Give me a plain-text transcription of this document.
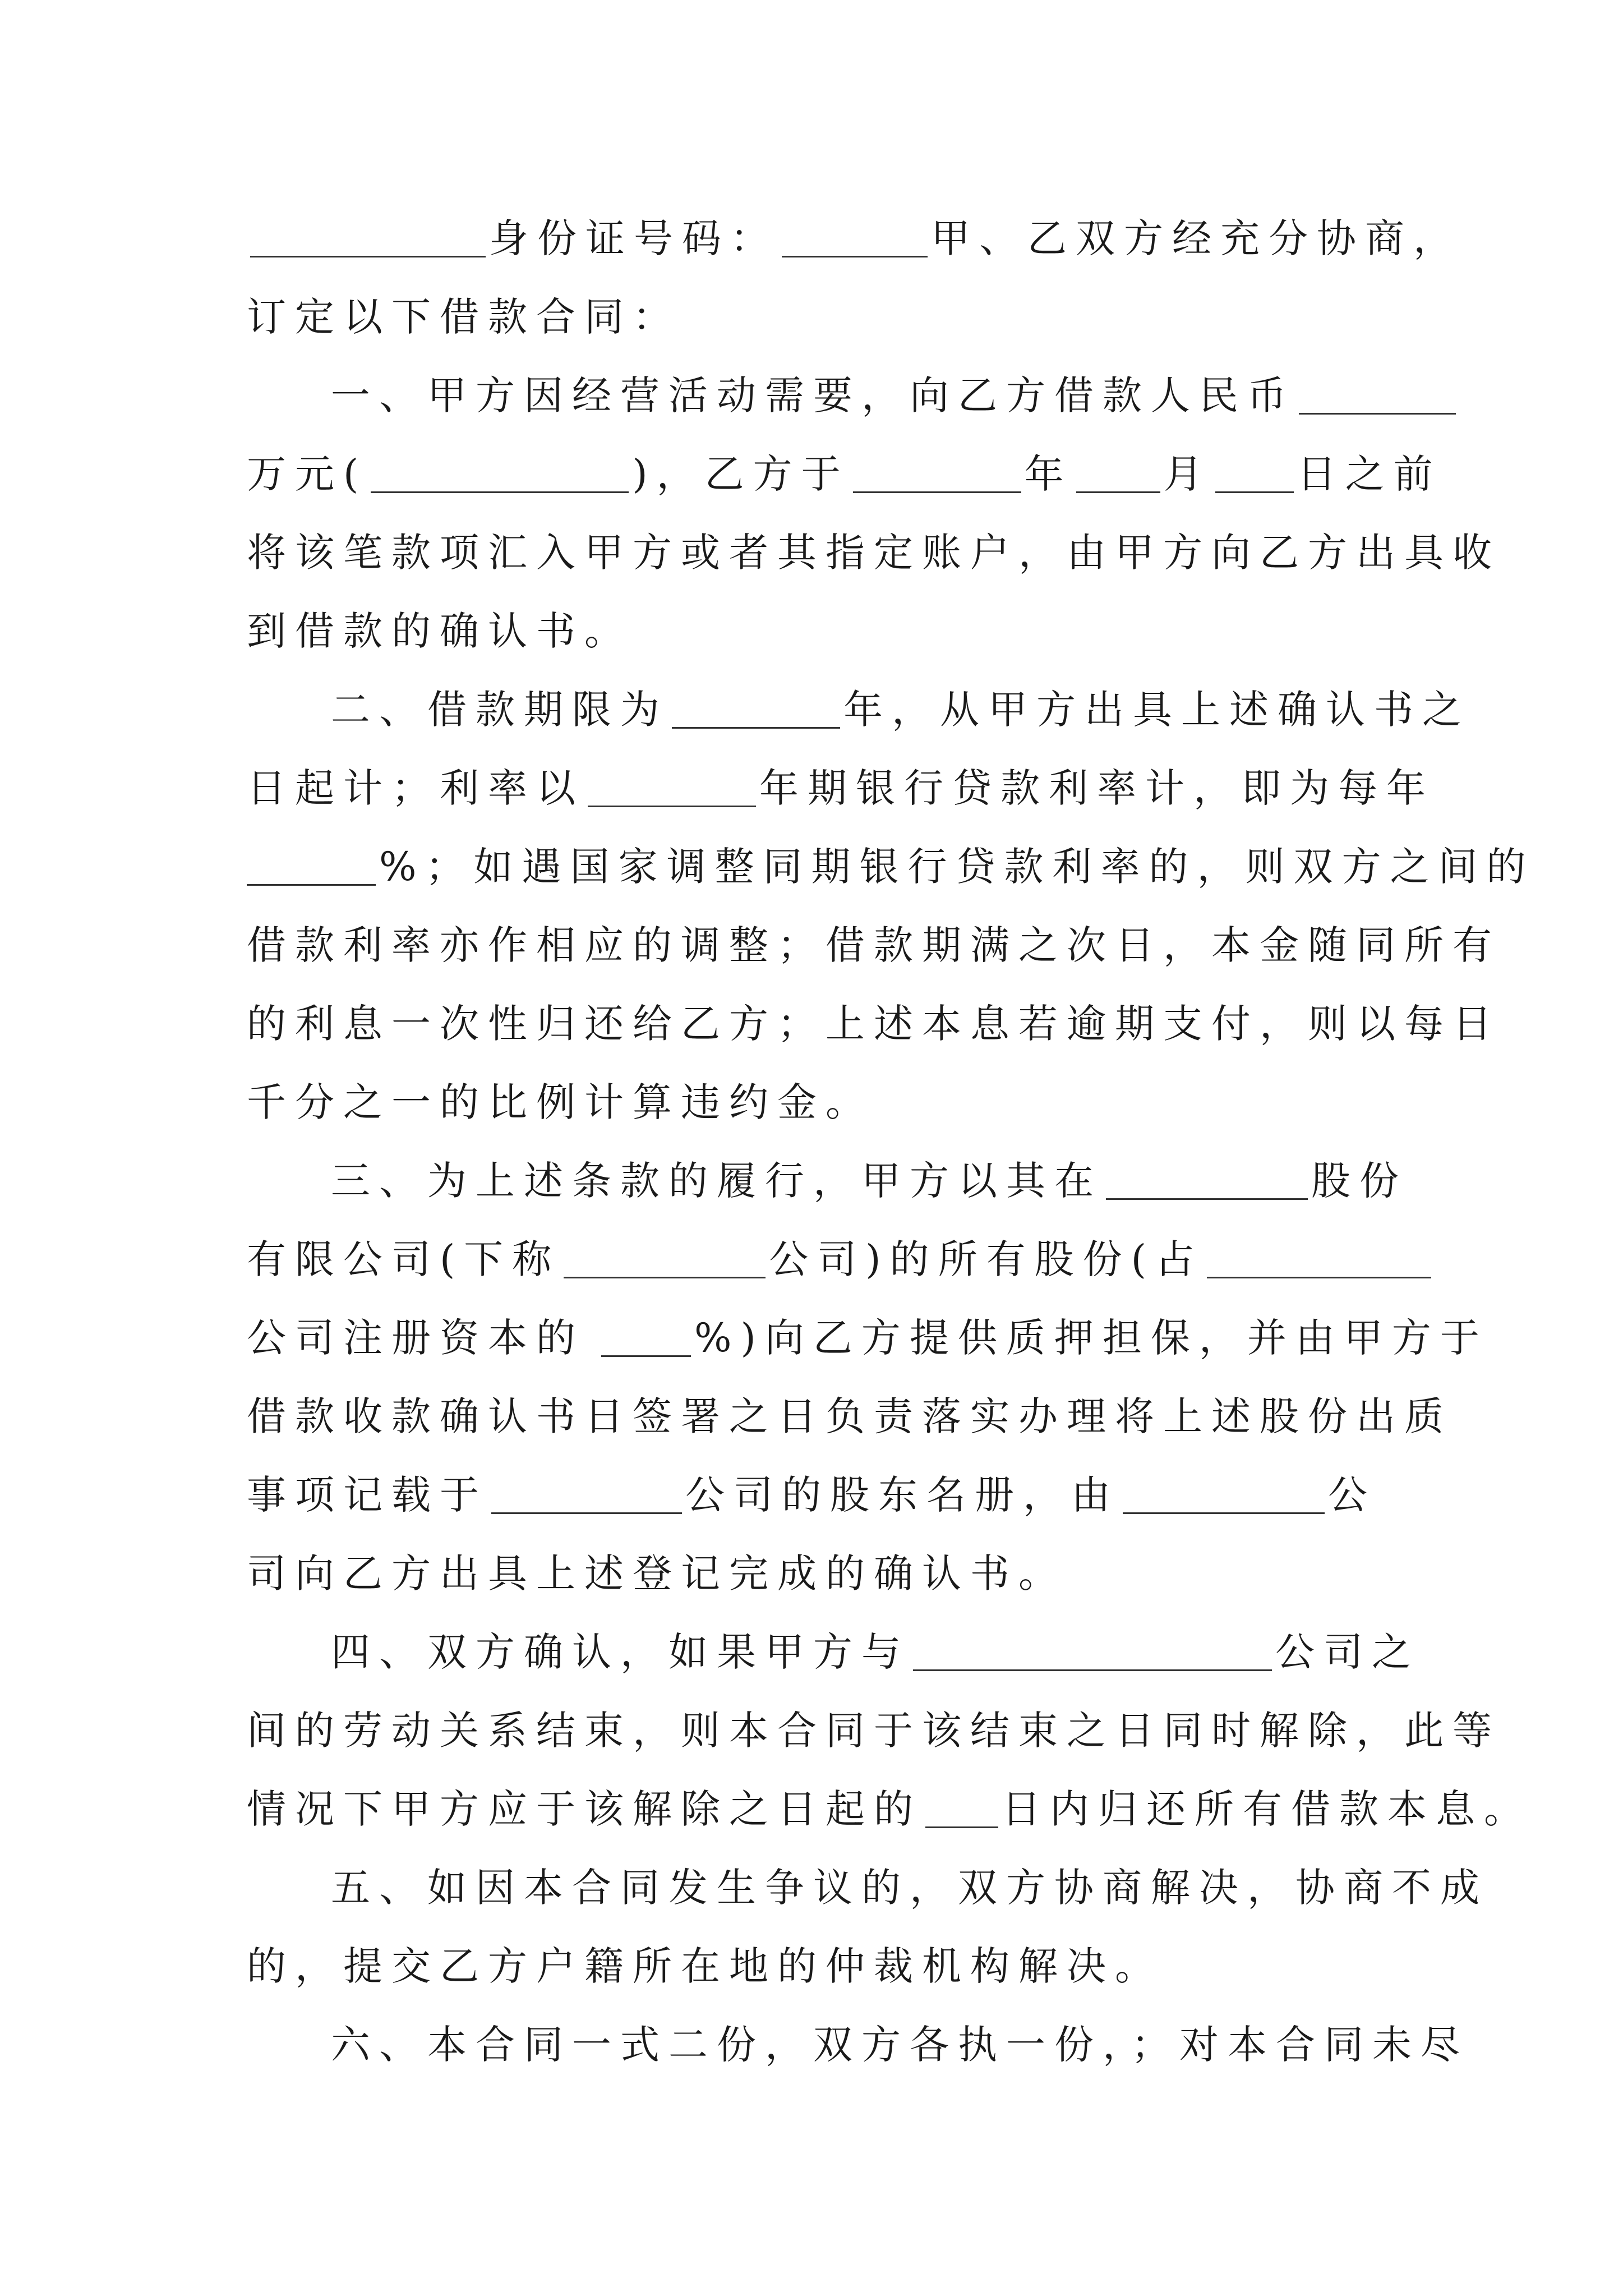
身份证号码：	甲、乙双方经充分协商，
订定以下借款合同：
一、甲方因经营活动需要，向乙方借款人民币
万元(	)，乙方于	年 月 日之前
将该笔款项汇入甲方或者其指定账户，由甲方向乙方出具收
到借款的确认书。
二、借款期限为	年，从甲方出具上述确认书之
日起计；利率以	年期银行贷款利率计，即为每年
%；如遇国家调整同期银行贷款利率的，则双方之间的
借款利率亦作相应的调整；借款期满之次日，本金随同所有
的利息一次性归还给乙方；上述本息若逾期支付，则以每日
千分之一的比例计算违约金。
三、为上述条款的履行，甲方以其在	股份
有限公司(下称	公司)的所有股份(占
公司注册资本的	%)向乙方提供质押担保，并由甲方于
借款收款确认书日签署之日负责落实办理将上述股份出质
事项记载于	公司的股东名册，由	公
司向乙方出具上述登记完成的确认书。
四、双方确认，如果甲方与	公司之
间的劳动关系结束，则本合同于该结束之日同时解除，此等
情况下甲方应于该解除之日起的 日内归还所有借款本息。
五、如因本合同发生争议的，双方协商解决，协商不成
的，提交乙方户籍所在地的仲裁机构解决。
六、本合同一式二份，双方各执一份，；对本合同未尽
